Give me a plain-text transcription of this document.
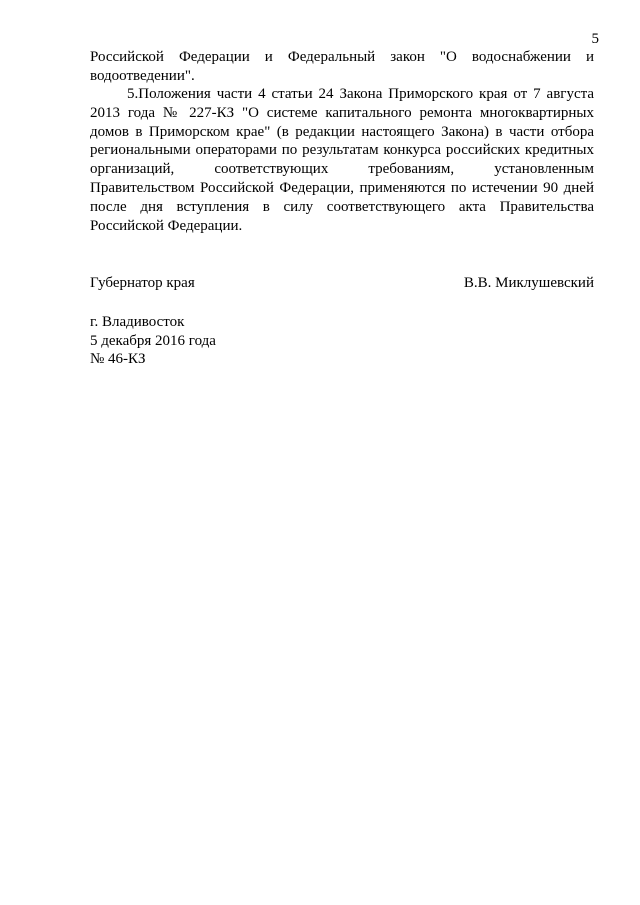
5
Российской Федерации и Федеральный закон "О водоснабжении и
водоотведении".
5.Положения части 4 статьи 24 Закона Приморского края от 7 августа
2013 года № 227-КЗ "О системе капитального ремонта многоквартирных
домов в Приморском крае" (в редакции настоящего Закона) в части отбора
региональными операторами по результатам конкурса российских кредитных
организаций, соответствующих требованиям, установленным
Правительством Российской Федерации, применяются по истечении 90 дней
после дня вступления в силу соответствующего акта Правительства
Российской Федерации.
Губернатор края	В.В. Миклушевский
г. Владивосток
5 декабря 2016 года
№ 46-КЗ
